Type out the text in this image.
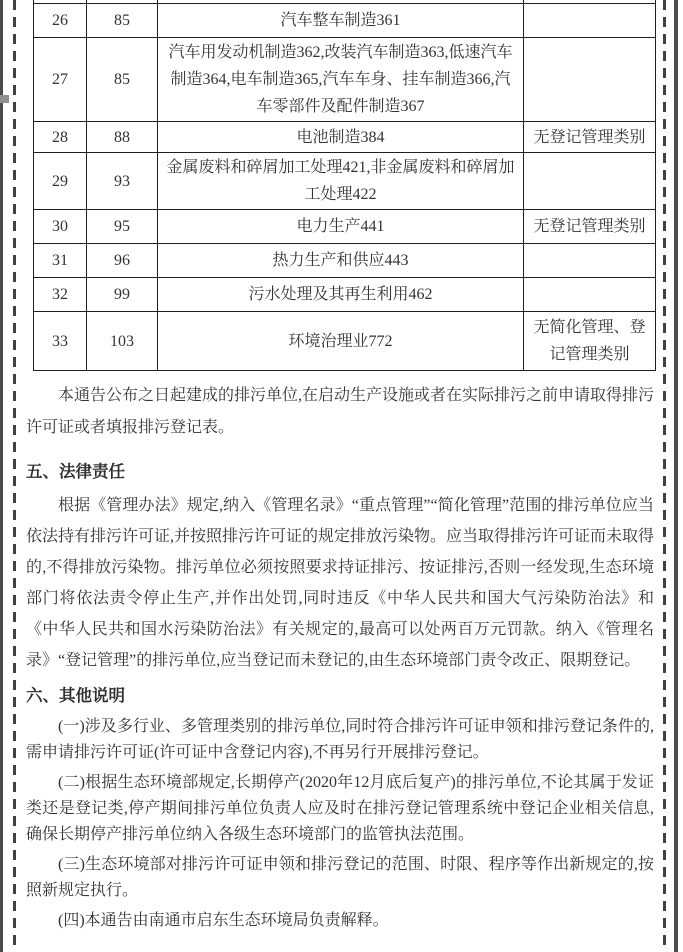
26	85	汽车整车制造361	
27	85	汽车用发动机制造362,改装汽车制造363,低速汽车制造364,电车制造365,汽车车身、挂车制造366,汽车零部件及配件制造367	
28	88	电池制造384	无登记管理类别
29	93	金属废料和碎屑加工处理421,非金属废料和碎屑加工处理422	
30	95	电力生产441	无登记管理类别
31	96	热力生产和供应443	
32	99	污水处理及其再生利用462	
33	103	环境治理业772	无简化管理、登记管理类别

本通告公布之日起建成的排污单位,在启动生产设施或者在实际排污之前申请取得排污许可证或者填报排污登记表。

五、法律责任

根据《管理办法》规定,纳入《管理名录》“重点管理”“简化管理”范围的排污单位应当依法持有排污许可证,并按照排污许可证的规定排放污染物。应当取得排污许可证而未取得的,不得排放污染物。排污单位必须按照要求持证排污、按证排污,否则一经发现,生态环境部门将依法责令停止生产,并作出处罚,同时违反《中华人民共和国大气污染防治法》和《中华人民共和国水污染防治法》有关规定的,最高可以处两百万元罚款。纳入《管理名录》“登记管理”的排污单位,应当登记而未登记的,由生态环境部门责令改正、限期登记。

六、其他说明

(一)涉及多行业、多管理类别的排污单位,同时符合排污许可证申领和排污登记条件的,需申请排污许可证(许可证中含登记内容),不再另行开展排污登记。

(二)根据生态环境部规定,长期停产(2020年12月底后复产)的排污单位,不论其属于发证类还是登记类,停产期间排污单位负责人应及时在排污登记管理系统中登记企业相关信息,确保长期停产排污单位纳入各级生态环境部门的监管执法范围。

(三)生态环境部对排污许可证申领和排污登记的范围、时限、程序等作出新规定的,按照新规定执行。

(四)本通告由南通市启东生态环境局负责解释。
